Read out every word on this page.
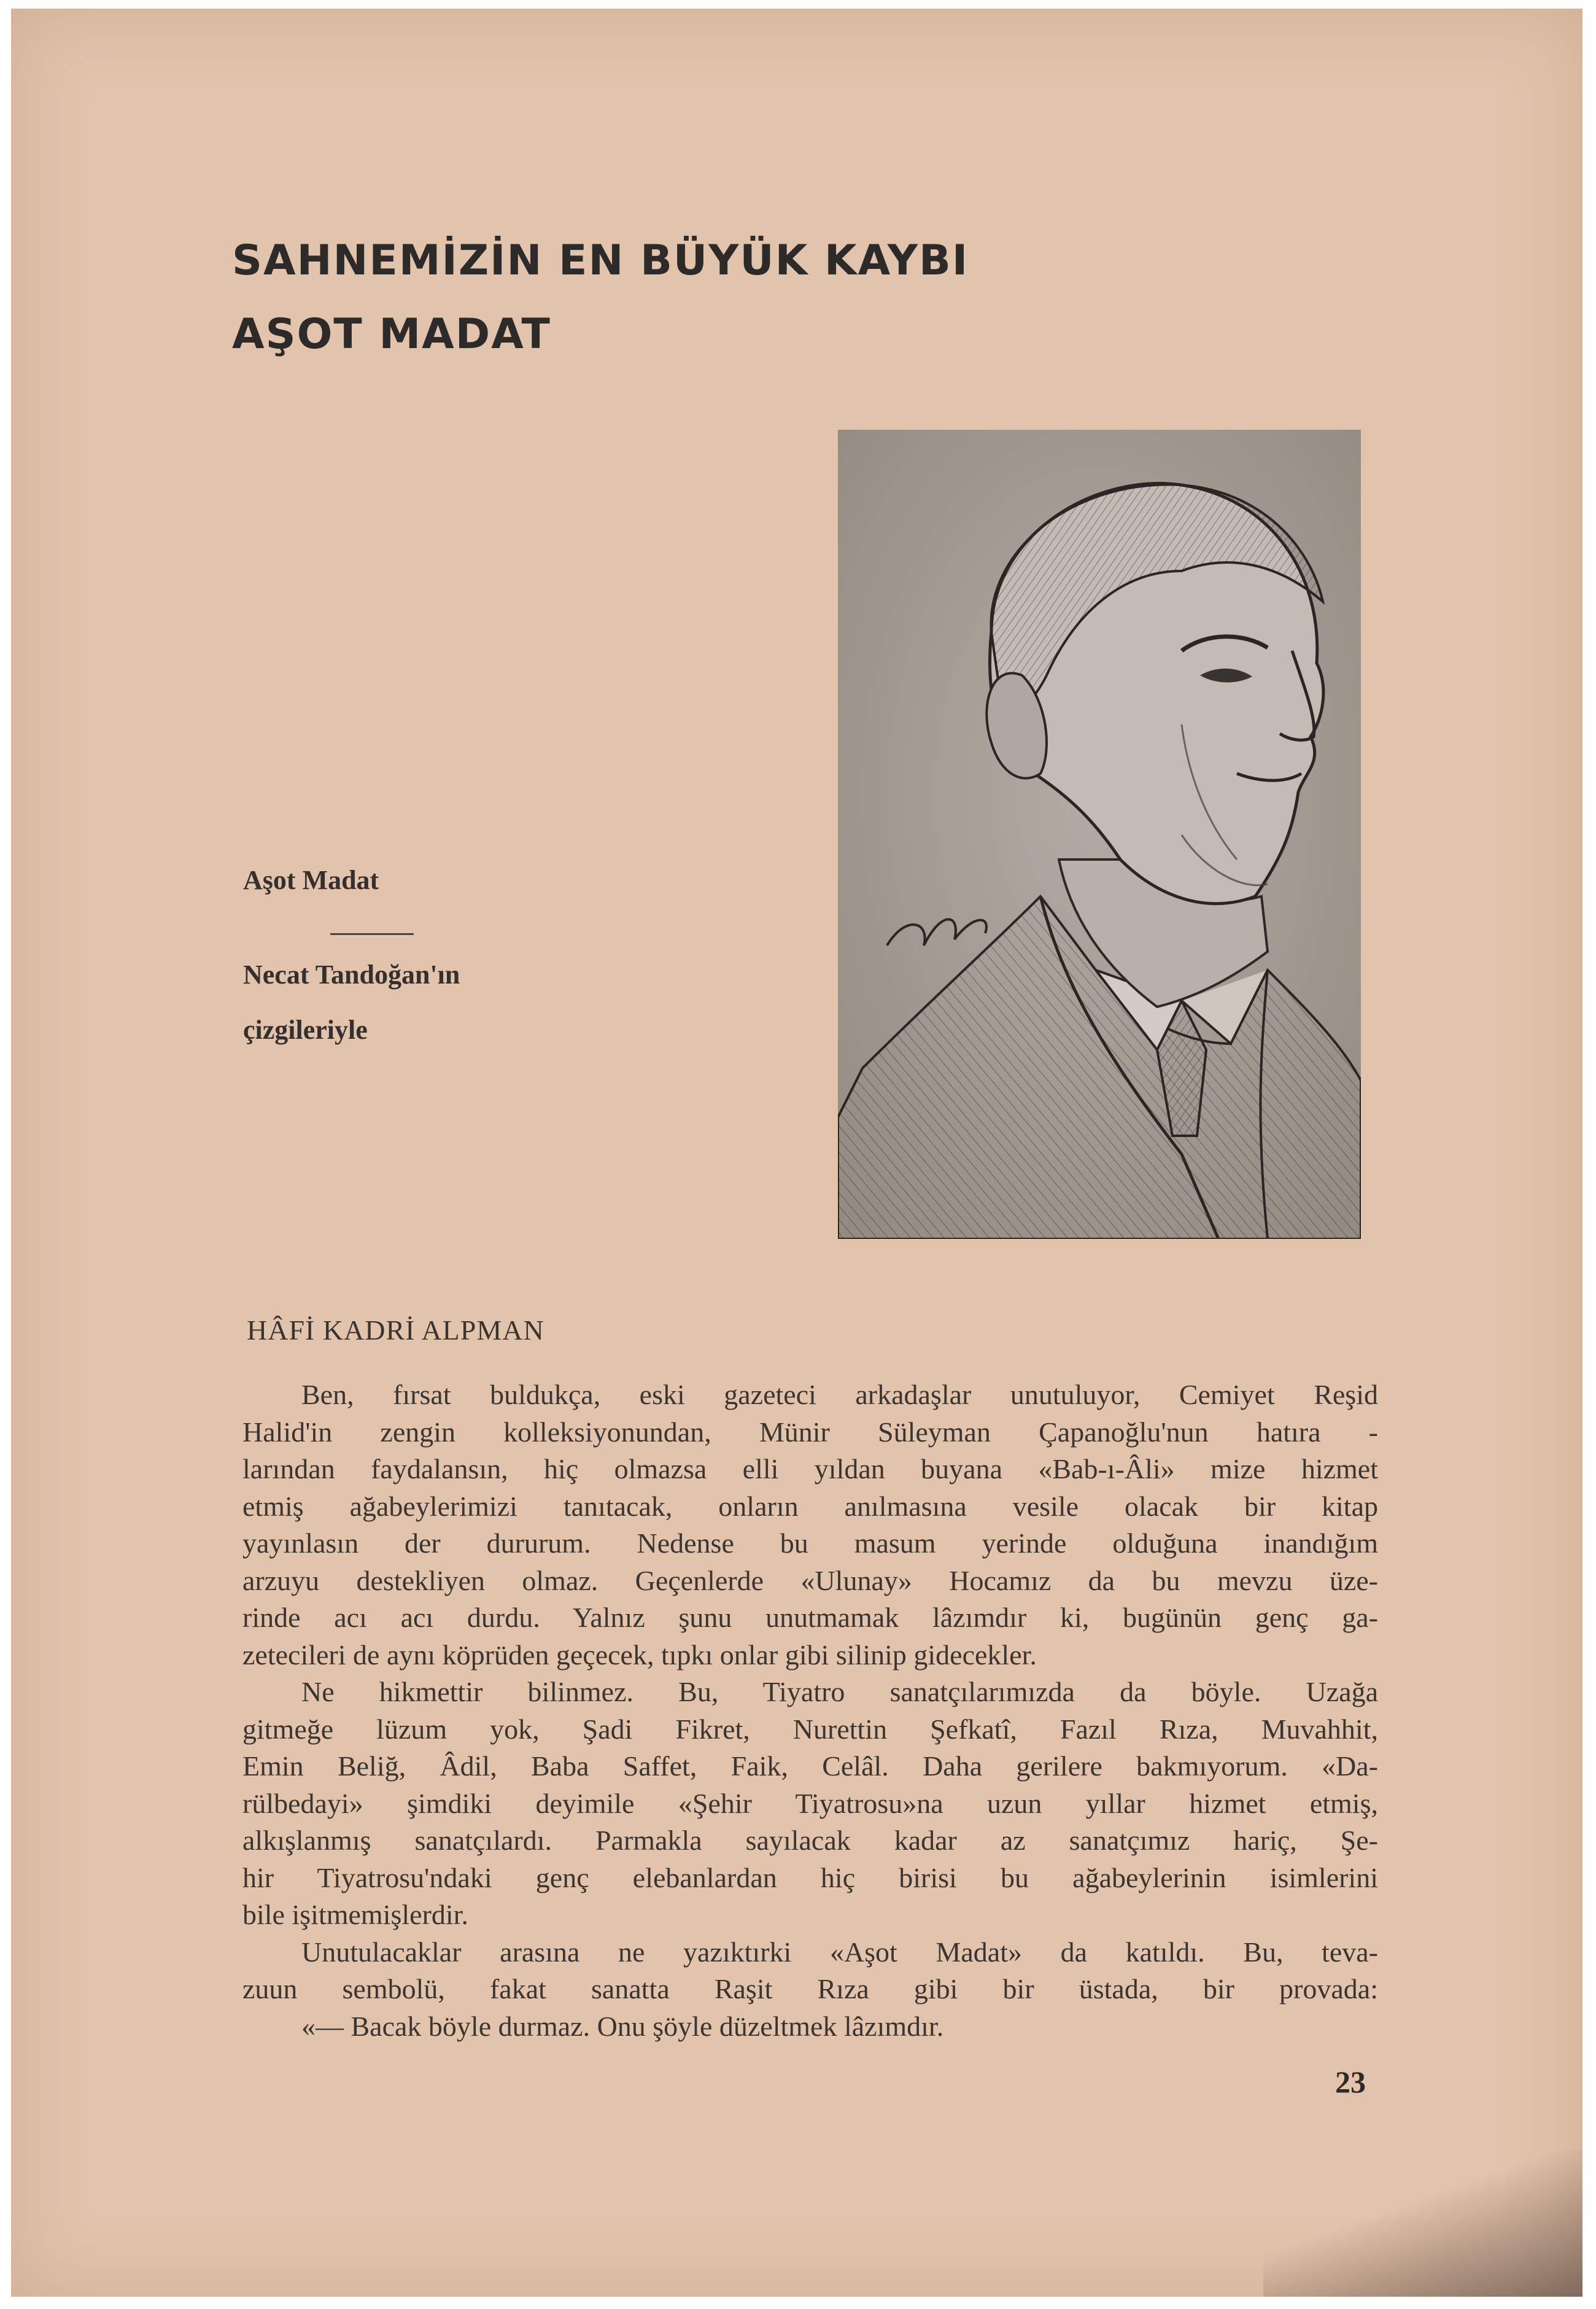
SAHNEMİZİN EN BÜYÜK KAYBI
AŞOT MADAT
Aşot Madat
Necat Tandoğan'ın
çizgileriyle
HÂFİ KADRİ ALPMAN
Ben, fırsat buldukça, eski gazeteci arkadaşlar unutuluyor, Cemiyet Reşid
Halid'in zengin kolleksiyonundan, Münir Süleyman Çapanoğlu'nun hatıra -
larından faydalansın, hiç olmazsa elli yıldan buyana «Bab-ı-Âli» mize hizmet
etmiş ağabeylerimizi tanıtacak, onların anılmasına vesile olacak bir kitap
yayınlasın der dururum. Nedense bu masum yerinde olduğuna inandığım
arzuyu destekliyen olmaz. Geçenlerde «Ulunay» Hocamız da bu mevzu üze-
rinde acı acı durdu. Yalnız şunu unutmamak lâzımdır ki, bugünün genç ga-
zetecileri de aynı köprüden geçecek, tıpkı onlar gibi silinip gidecekler.
Ne hikmettir bilinmez. Bu, Tiyatro sanatçılarımızda da böyle. Uzağa
gitmeğe lüzum yok, Şadi Fikret, Nurettin Şefkatî, Fazıl Rıza, Muvahhit,
Emin Beliğ, Âdil, Baba Saffet, Faik, Celâl. Daha gerilere bakmıyorum. «Da-
rülbedayi» şimdiki deyimile «Şehir Tiyatrosu»na uzun yıllar hizmet etmiş,
alkışlanmış sanatçılardı. Parmakla sayılacak kadar az sanatçımız hariç, Şe-
hir Tiyatrosu'ndaki genç elebanlardan hiç birisi bu ağabeylerinin isimlerini
bile işitmemişlerdir.
Unutulacaklar arasına ne yazıktırki «Aşot Madat» da katıldı. Bu, teva-
zuun sembolü, fakat sanatta Raşit Rıza gibi bir üstada, bir provada:
«— Bacak böyle durmaz. Onu şöyle düzeltmek lâzımdır.
23
